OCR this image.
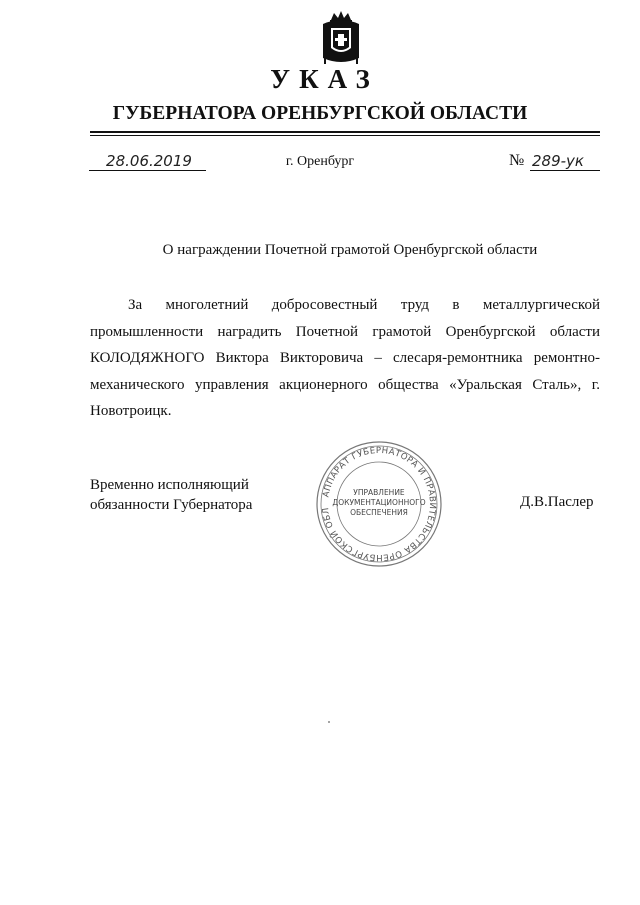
УКАЗ
ГУБЕРНАТОРА ОРЕНБУРГСКОЙ ОБЛАСТИ
28.06.2019	г. Оренбург	№ 289-ук
О награждении Почетной грамотой Оренбургской области
За многолетний добросовестный труд в металлургической промышленности наградить Почетной грамотой Оренбургской области КОЛОДЯЖНОГО Виктора Викторовича – слесаря-ремонтника ремонтно-механического управления акционерного общества «Уральская Сталь», г. Новотроицк.
Временно исполняющий
обязанности Губернатора	Д.В.Паслер
АППАРАТ ГУБЕРНАТОРА И ПРАВИТЕЛЬСТВА ОРЕНБУРГСКОЙ ОБЛ
УПРАВЛЕНИЕ
ДОКУМЕНТАЦИОННОГО
ОБЕСПЕЧЕНИЯ
